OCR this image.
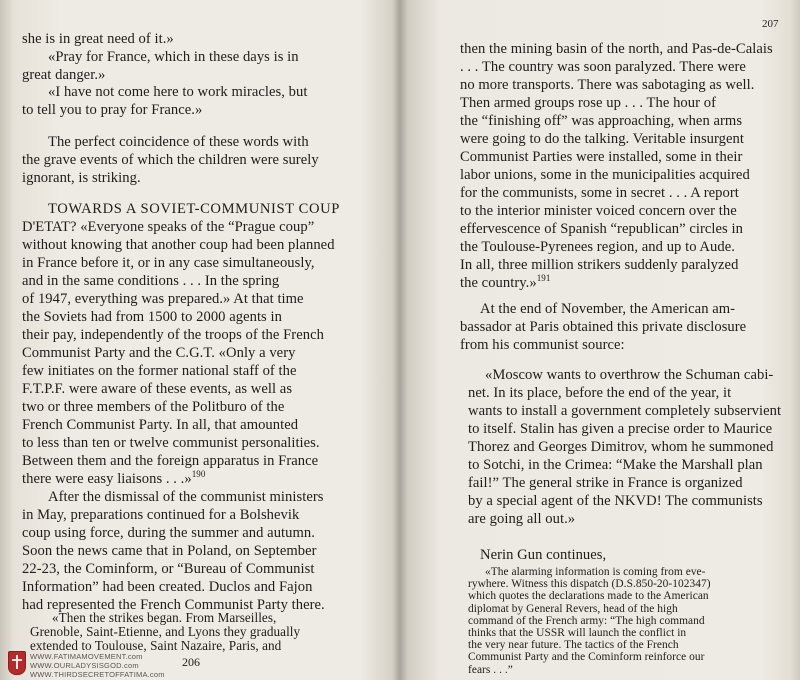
she is in great need of it.»
«Pray for France, which in these days is in
great danger.»
«I have not come here to work miracles, but
to tell you to pray for France.»
The perfect coincidence of these words with
the grave events of which the children were surely
ignorant, is striking.
TOWARDS A SOVIET-COMMUNIST COUP
D'ETAT? «Everyone speaks of the “Prague coup”
without knowing that another coup had been planned
in France before it, or in any case simultaneously,
and in the same conditions . . . In the spring
of 1947, everything was prepared.» At that time
the Soviets had from 1500 to 2000 agents in
their pay, independently of the troops of the French
Communist Party and the C.G.T. «Only a very
few initiates on the former national staff of the
F.T.P.F. were aware of these events, as well as
two or three members of the Politburo of the
French Communist Party. In all, that amounted
to less than ten or twelve communist personalities.
Between them and the foreign apparatus in France
there were easy liaisons . . .»$^{190}$
After the dismissal of the communist ministers
in May, preparations continued for a Bolshevik
coup using force, during the summer and autumn.
Soon the news came that in Poland, on September
22-23, the Cominform, or “Bureau of Communist
Information” had been created. Duclos and Fajon
had represented the French Communist Party there.
206
WWW.FATIMAMOVEMENT.com
WWW.OURLADYSISGOD.com
WWW.THIRDSECRETOFFATIMA.com
«Then the strikes began. From Marseilles,
Grenoble, Saint-Etienne, and Lyons they gradually
extended to Toulouse, Saint Nazaire, Paris, and
then the mining basin of the north, and Pas-de-Calais
. . . The country was soon paralyzed. There were
no more transports. There was sabotaging as well.
Then armed groups rose up . . . The hour of
the “finishing off” was approaching, when arms
were going to do the talking. Veritable insurgent
Communist Parties were installed, some in their
labor unions, some in the municipalities acquired
for the communists, some in secret . . . A report
to the interior minister voiced concern over the
effervescence of Spanish “republican” circles in
the Toulouse-Pyrenees region, and up to Aude.
In all, three million strikers suddenly paralyzed
the country.»$^{191}$
At the end of November, the American am-
bassador at Paris obtained this private disclosure
from his communist source:
«Moscow wants to overthrow the Schuman cabi-
net. In its place, before the end of the year, it
wants to install a government completely subservient
to itself. Stalin has given a precise order to Maurice
Thorez and Georges Dimitrov, whom he summoned
to Sotchi, in the Crimea: “Make the Marshall plan
fail!” The general strike in France is organized
by a special agent of the NKVD! The communists
are going all out.»
Nerin Gun continues,
207
«The alarming information is coming from eve-
rywhere. Witness this dispatch (D.S.850-20-102347)
which quotes the declarations made to the American
diplomat by General Revers, head of the high
command of the French army: “The high command
thinks that the USSR will launch the conflict in
the very near future. The tactics of the French
Communist Party and the Cominform reinforce our
fears . . .”
